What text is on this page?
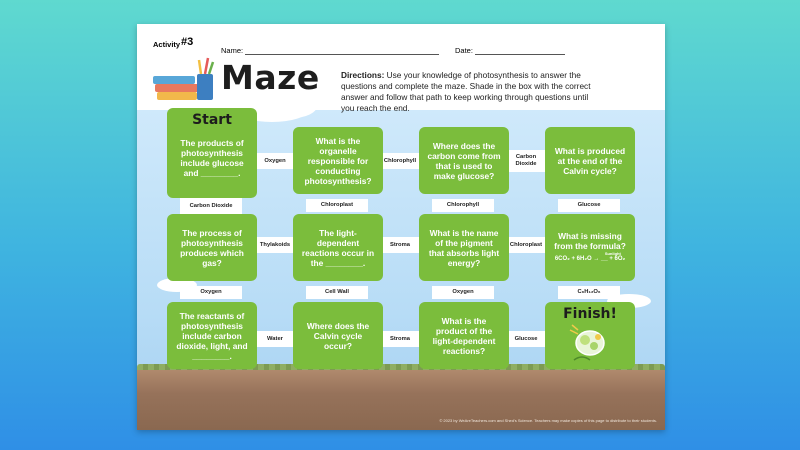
Activity #3
Name:	Date:
Maze	Directions: Use your knowledge of photosynthesis to answer the questions and complete the maze. Shade in the box with the correct answer and follow that path to keep working through questions until you reach the end.
Oxygen	Chlorophyll
Carbon Dioxide
Thylakoids	Stroma	Chloroplast
Water	Stroma	Glucose
Carbon Dioxide	Chloroplast	Chlorophyll	Glucose
Oxygen	Cell Wall	Oxygen	C₆H₁₂O₆
Start
The products of photosynthesis include glucose and ________.
What is the organelle responsible for conducting photosynthesis?
Where does the carbon come from that is used to make glucose?
What is produced at the end of the Calvin cycle?
The process of photosynthesis produces which gas?
The light-dependent reactions occur in the ________.
What is the name of the pigment that absorbs light energy?
What is missing from the formula?
Sunlight
6CO₂ + 6H₂O → __ + 6O₂
The reactants of photosynthesis include carbon dioxide, light, and ________.
Where does the Calvin cycle occur?
What is the product of the light-dependent reactions?
Finish!
© 2023 by WeAreTeachers.com and Shed's Science. Teachers may make copies of this page to distribute to their students.
